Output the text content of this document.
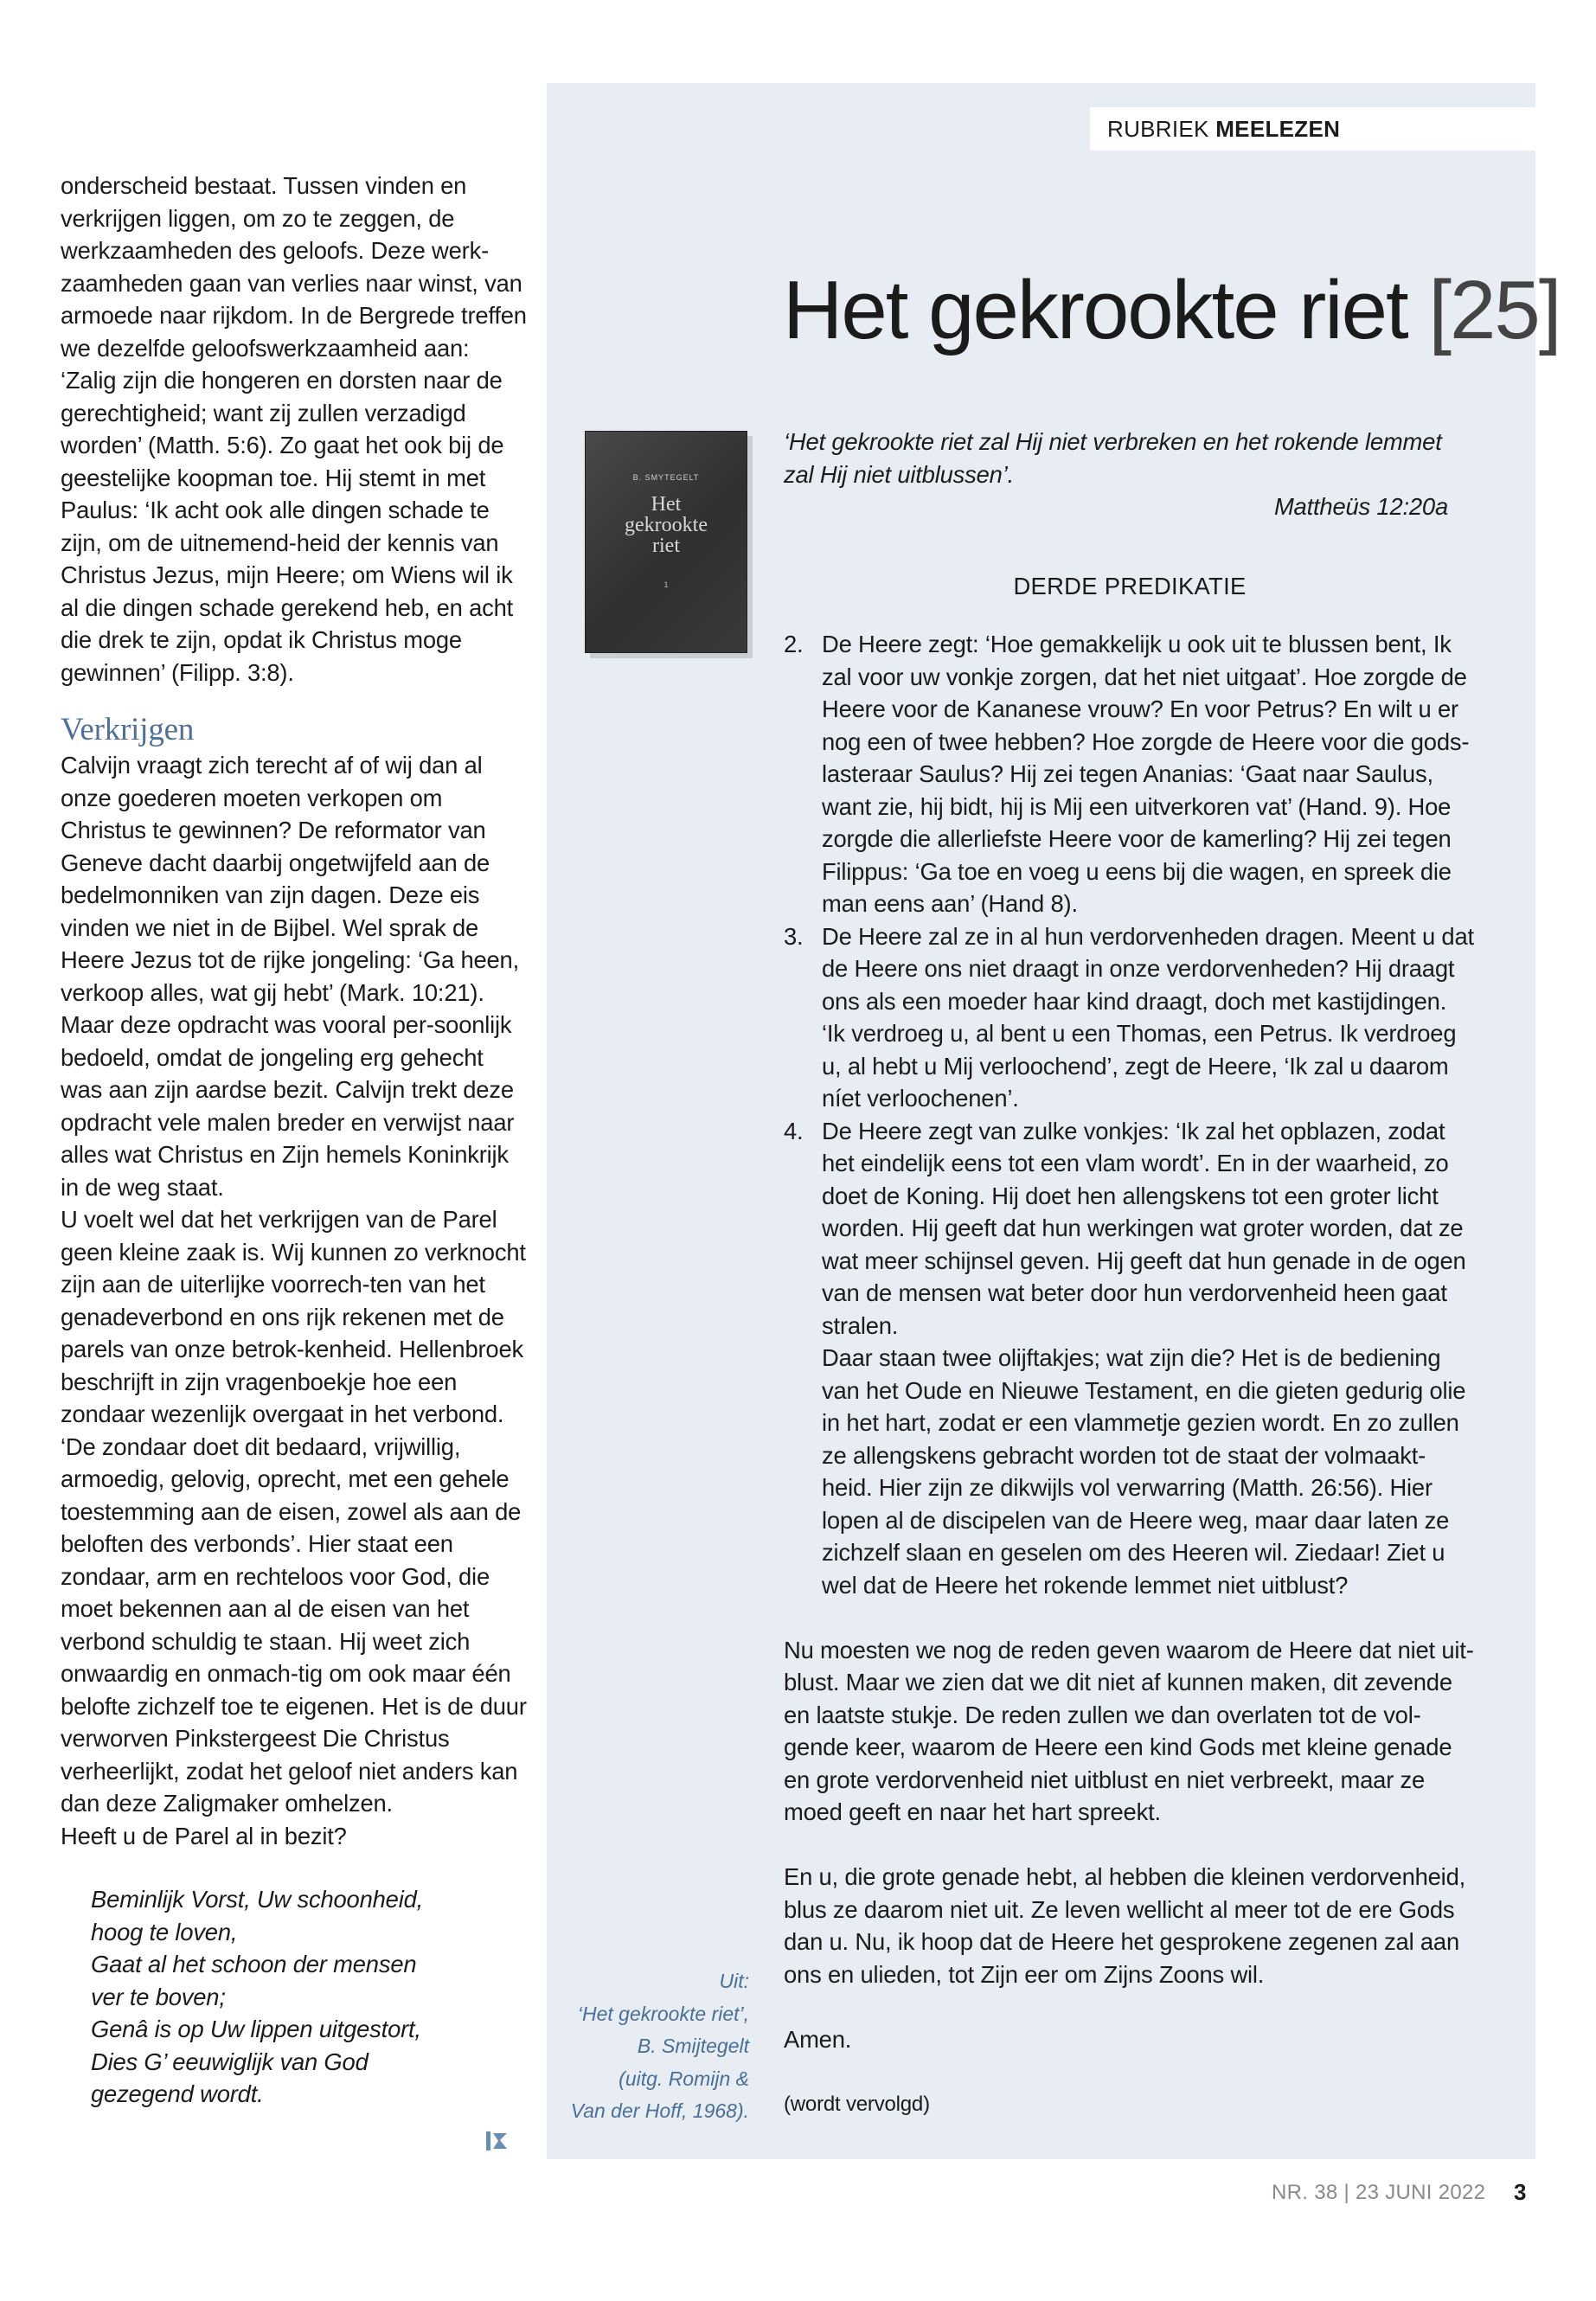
onderscheid bestaat. Tussen vinden en verkrijgen liggen, om zo te zeggen, de werkzaamheden des geloofs. Deze werk-zaamheden gaan van verlies naar winst, van armoede naar rijkdom. In de Bergrede treffen we dezelfde geloofswerkzaamheid aan: ‘Zalig zijn die hongeren en dorsten naar de gerechtigheid; want zij zullen verzadigd worden’ (Matth. 5:6). Zo gaat het ook bij de geestelijke koopman toe. Hij stemt in met Paulus: ‘Ik acht ook alle dingen schade te zijn, om de uitnemend-heid der kennis van Christus Jezus, mijn Heere; om Wiens wil ik al die dingen schade gerekend heb, en acht die drek te zijn, opdat ik Christus moge gewinnen’ (Filipp. 3:8).

Verkrijgen

Calvijn vraagt zich terecht af of wij dan al onze goederen moeten verkopen om Christus te gewinnen? De reformator van Geneve dacht daarbij ongetwijfeld aan de bedelmonniken van zijn dagen. Deze eis vinden we niet in de Bijbel. Wel sprak de Heere Jezus tot de rijke jongeling: ‘Ga heen, verkoop alles, wat gij hebt’ (Mark. 10:21). Maar deze opdracht was vooral per-soonlijk bedoeld, omdat de jongeling erg gehecht was aan zijn aardse bezit. Calvijn trekt deze opdracht vele malen breder en verwijst naar alles wat Christus en Zijn hemels Koninkrijk in de weg staat.

U voelt wel dat het verkrijgen van de Parel geen kleine zaak is. Wij kunnen zo verknocht zijn aan de uiterlijke voorrech-ten van het genadeverbond en ons rijk rekenen met de parels van onze betrok-kenheid. Hellenbroek beschrijft in zijn vragenboekje hoe een zondaar wezenlijk overgaat in het verbond. ‘De zondaar doet dit bedaard, vrijwillig, armoedig, gelovig, oprecht, met een gehele toestemming aan de eisen, zowel als aan de beloften des verbonds’. Hier staat een zondaar, arm en rechteloos voor God, die moet bekennen aan al de eisen van het verbond schuldig te staan. Hij weet zich onwaardig en onmach-tig om ook maar één belofte zichzelf toe te eigenen. Het is de duur verworven Pinkstergeest Die Christus verheerlijkt, zodat het geloof niet anders kan dan deze Zaligmaker omhelzen.

Heeft u de Parel al in bezit?

Beminlijk Vorst, Uw schoonheid,
hoog te loven,
Gaat al het schoon der mensen
ver te boven;
Genâ is op Uw lippen uitgestort,
Dies G’ eeuwiglijk van God
gezegend wordt.
RUBRIEK MEELEZEN
Het gekrookte riet [25]
B. SMYTEGELT
Het
gekrookte
riet
1
Uit:
‘Het gekrookte riet’,
B. Smijtegelt
(uitg. Romijn &
Van der Hoff, 1968).

‘Het gekrookte riet zal Hij niet verbreken en het rokende lemmet zal Hij niet uitblussen’.

Mattheüs 12:20a

DERDE PREDIKATIE

2. De Heere zegt: ‘Hoe gemakkelijk u ook uit te blussen bent, Ik zal voor uw vonkje zorgen, dat het niet uitgaat’. Hoe zorgde de Heere voor de Kananese vrouw? En voor Petrus? En wilt u er nog een of twee hebben? Hoe zorgde de Heere voor die gods-lasteraar Saulus? Hij zei tegen Ananias: ‘Gaat naar Saulus, want zie, hij bidt, hij is Mij een uitverkoren vat’ (Hand. 9). Hoe zorgde die allerliefste Heere voor de kamerling? Hij zei tegen Filippus: ‘Ga toe en voeg u eens bij die wagen, en spreek die man eens aan’ (Hand 8).
3. De Heere zal ze in al hun verdorvenheden dragen. Meent u dat de Heere ons niet draagt in onze verdorvenheden? Hij draagt ons als een moeder haar kind draagt, doch met kastijdingen. ‘Ik verdroeg u, al bent u een Thomas, een Petrus. Ik verdroeg u, al hebt u Mij verloochend’, zegt de Heere, ‘Ik zal u daarom níet verloochenen’.
4. De Heere zegt van zulke vonkjes: ‘Ik zal het opblazen, zodat het eindelijk eens tot een vlam wordt’. En in der waarheid, zo doet de Koning. Hij doet hen allengskens tot een groter licht worden. Hij geeft dat hun werkingen wat groter worden, dat ze wat meer schijnsel geven. Hij geeft dat hun genade in de ogen van de mensen wat beter door hun verdorvenheid heen gaat stralen.
Daar staan twee olijftakjes; wat zijn die? Het is de bediening van het Oude en Nieuwe Testament, en die gieten gedurig olie in het hart, zodat er een vlammetje gezien wordt. En zo zullen ze allengskens gebracht worden tot de staat der volmaakt-heid. Hier zijn ze dikwijls vol verwarring (Matth. 26:56). Hier lopen al de discipelen van de Heere weg, maar daar laten ze zichzelf slaan en geselen om des Heeren wil. Ziedaar! Ziet u wel dat de Heere het rokende lemmet niet uitblust?

Nu moesten we nog de reden geven waarom de Heere dat niet uit-blust. Maar we zien dat we dit niet af kunnen maken, dit zevende en laatste stukje. De reden zullen we dan overlaten tot de vol-gende keer, waarom de Heere een kind Gods met kleine genade en grote verdorvenheid niet uitblust en niet verbreekt, maar ze moed geeft en naar het hart spreekt.

En u, die grote genade hebt, al hebben die kleinen verdorvenheid, blus ze daarom niet uit. Ze leven wellicht al meer tot de ere Gods dan u. Nu, ik hoop dat de Heere het gesprokene zegenen zal aan ons en ulieden, tot Zijn eer om Zijns Zoons wil.

Amen.

(wordt vervolgd)

NR. 38 | 23 JUNI 2022 3
